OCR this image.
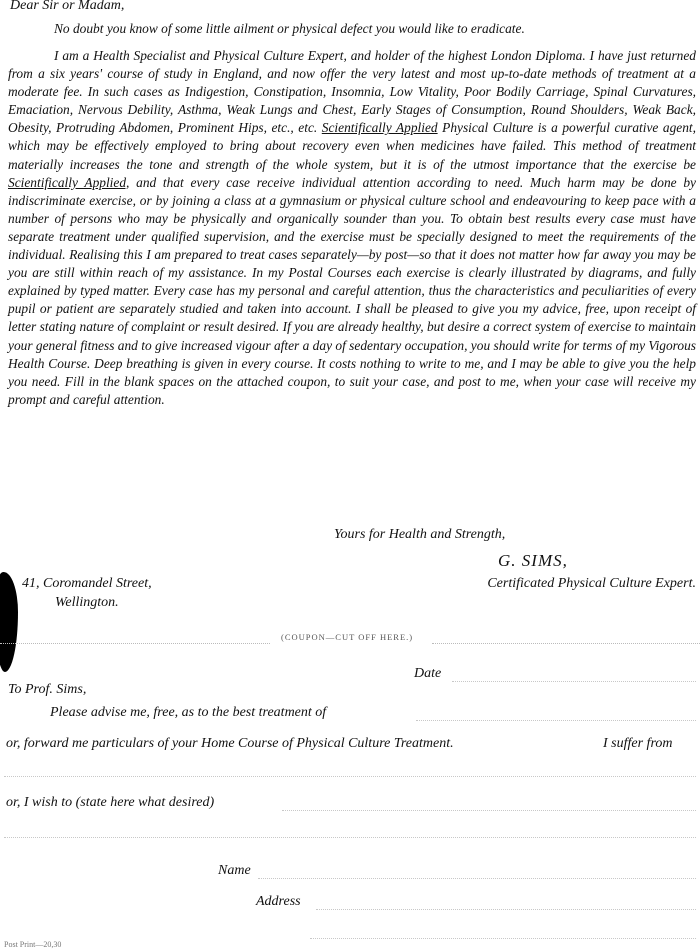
Dear Sir or Madam,

No doubt you know of some little ailment or physical defect you would like to eradicate.

I am a Health Specialist and Physical Culture Expert, and holder of the highest London Diploma. I have just returned from a six years' course of study in England, and now offer the very latest and most up-to-date methods of treatment at a moderate fee. In such cases as Indigestion, Constipation, Insomnia, Low Vitality, Poor Bodily Carriage, Spinal Curvatures, Emaciation, Nervous Debility, Asthma, Weak Lungs and Chest, Early Stages of Consumption, Round Shoulders, Weak Back, Obesity, Protruding Abdomen, Prominent Hips, etc., etc. Scientifically Applied Physical Culture is a powerful curative agent, which may be effectively employed to bring about recovery even when medicines have failed. This method of treatment materially increases the tone and strength of the whole system, but it is of the utmost importance that the exercise be Scientifically Applied, and that every case receive individual attention according to need. Much harm may be done by indiscriminate exercise, or by joining a class at a gymnasium or physical culture school and endeavouring to keep pace with a number of persons who may be physically and organically sounder than you. To obtain best results every case must have separate treatment under qualified supervision, and the exercise must be specially designed to meet the requirements of the individual. Realising this I am prepared to treat cases separately—by post—so that it does not matter how far away you may be you are still within reach of my assistance. In my Postal Courses each exercise is clearly illustrated by diagrams, and fully explained by typed matter. Every case has my personal and careful attention, thus the characteristics and peculiarities of every pupil or patient are separately studied and taken into account. I shall be pleased to give you my advice, free, upon receipt of letter stating nature of complaint or result desired. If you are already healthy, but desire a correct system of exercise to maintain your general fitness and to give increased vigour after a day of sedentary occupation, you should write for terms of my Vigorous Health Course. Deep breathing is given in every course. It costs nothing to write to me, and I may be able to give you the help you need. Fill in the blank spaces on the attached coupon, to suit your case, and post to me, when your case will receive my prompt and careful attention.

Yours for Health and Strength,
G. SIMS,
41, Coromandel Street,
Wellington.
Certificated Physical Culture Expert.
(COUPON—CUT OFF HERE.)
Date
To Prof. Sims,
Please advise me, free, as to the best treatment of
or, forward me particulars of your Home Course of Physical Culture Treatment.	I suffer from
or, I wish to (state here what desired)
Name
Address
Post Print—20,30
